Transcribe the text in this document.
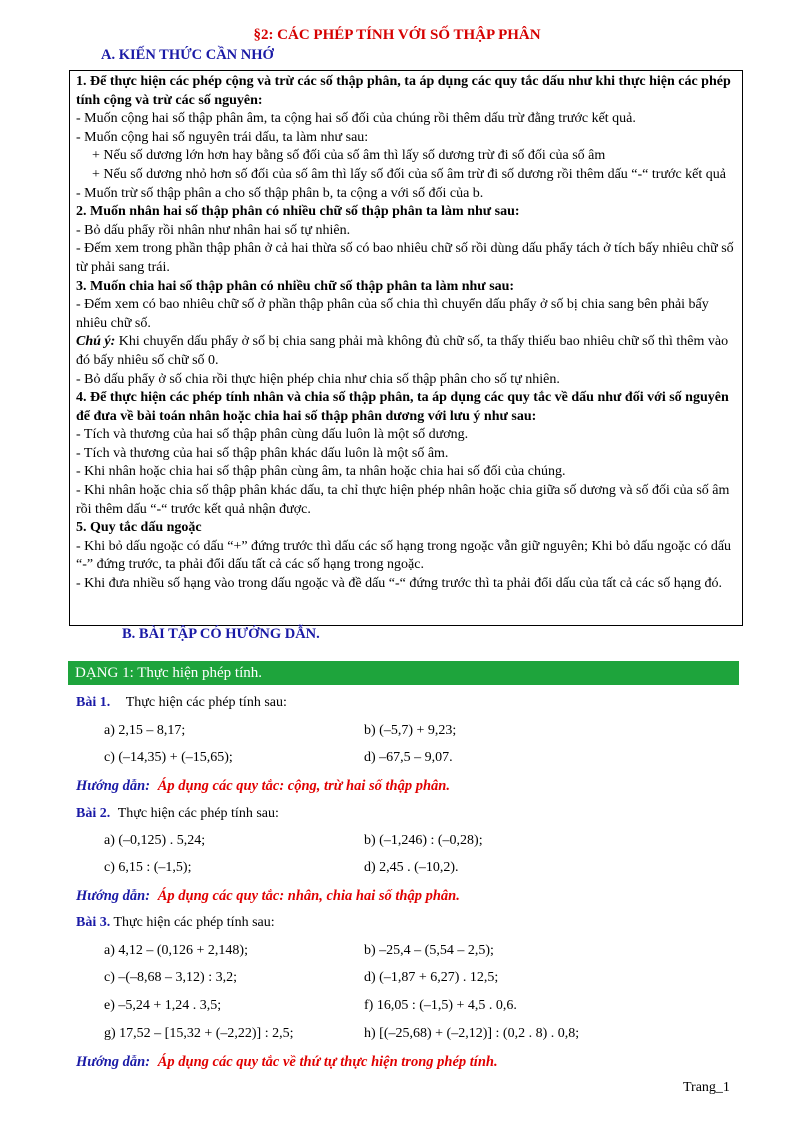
§2: CÁC PHÉP TÍNH VỚI SỐ THẬP PHÂN
A. KIẾN THỨC CẦN NHỚ

1. Để thực hiện các phép cộng và trừ các số thập phân, ta áp dụng các quy tắc dấu như khi thực hiện các phép tính cộng và trừ các số nguyên:

- Muốn cộng hai số thập phân âm, ta cộng hai số đối của chúng rồi thêm dấu trừ đằng trước kết quả.

- Muốn cộng hai số nguyên trái dấu, ta làm như sau:

+ Nếu số dương lớn hơn hay bằng số đối của số âm thì lấy số dương trừ đi số đối của số âm

+ Nếu số dương nhỏ hơn số đối của số âm thì lấy số đối của số âm trừ đi số dương rồi thêm dấu “-“ trước kết quả

- Muốn trừ số thập phân a cho số thập phân b, ta cộng a với số đối của b.

2. Muốn nhân hai số thập phân có nhiều chữ số thập phân ta làm như sau:

- Bỏ dấu phẩy rồi nhân như nhân hai số tự nhiên.

- Đếm xem trong phần thập phân ở cả hai thừa số có bao nhiêu chữ số rồi dùng dấu phẩy tách ở tích bấy nhiêu chữ số từ phải sang trái.

3. Muốn chia hai số thập phân có nhiều chữ số thập phân ta làm như sau:

- Đếm xem có bao nhiêu chữ số ở phần thập phân của số chia thì chuyển dấu phẩy ở số bị chia sang bên phải bấy nhiêu chữ số.

Chú ý: Khi chuyển dấu phẩy ở số bị chia sang phải mà không đủ chữ số, ta thấy thiếu bao nhiêu chữ số thì thêm vào đó bấy nhiêu số chữ số 0.

- Bỏ dấu phẩy ở số chia rồi thực hiện phép chia như chia số thập phân cho số tự nhiên.

4. Để thực hiện các phép tính nhân và chia số thập phân, ta áp dụng các quy tắc về dấu như đối với số nguyên để đưa về bài toán nhân hoặc chia hai số thập phân dương với lưu ý như sau:

- Tích và thương của hai số thập phân cùng dấu luôn là một số dương.

- Tích và thương của hai số thập phân khác dấu luôn là một số âm.

- Khi nhân hoặc chia hai số thập phân cùng âm, ta nhân hoặc chia hai số đối của chúng.

- Khi nhân hoặc chia số thập phân khác dấu, ta chỉ thực hiện phép nhân hoặc chia giữa số dương và số đối của số âm rồi thêm dấu “-“ trước kết quả nhận được.

5. Quy tắc dấu ngoặc

- Khi bỏ dấu ngoặc có dấu “+” đứng trước thì dấu các số hạng trong ngoặc vẫn giữ nguyên; Khi bỏ dấu ngoặc có dấu “-” đứng trước, ta phải đổi dấu tất cả các số hạng trong ngoặc.

- Khi đưa nhiều số hạng vào trong dấu ngoặc và đề dấu “-“ đứng trước thì ta phải đổi dấu của tất cả các số hạng đó.

B. BÀI TẬP CÓ HƯỚNG DẪN.
DẠNG 1: Thực hiện phép tính.
Bài 1. Thực hiện các phép tính sau:
a) 2,15 – 8,17;	b) (–5,7) + 9,23;
c) (–14,35) + (–15,65);	d) –67,5 – 9,07.
Hướng dẫn: Áp dụng các quy tắc: cộng, trừ hai số thập phân.
Bài 2. Thực hiện các phép tính sau:
a) (–0,125) . 5,24;	b) (–1,246) : (–0,28);
c) 6,15 : (–1,5);	d) 2,45 . (–10,2).
Hướng dẫn: Áp dụng các quy tắc: nhân, chia hai số thập phân.
Bài 3. Thực hiện các phép tính sau:
a) 4,12 – (0,126 + 2,148);	b) –25,4 – (5,54 – 2,5);
c) –(–8,68 – 3,12) : 3,2;	d) (–1,87 + 6,27) . 12,5;
e) –5,24 + 1,24 . 3,5;	f) 16,05 : (–1,5) + 4,5 . 0,6.
g) 17,52 – [15,32 + (–2,22)] : 2,5;	h) [(–25,68) + (–2,12)] : (0,2 . 8) . 0,8;
Hướng dẫn: Áp dụng các quy tắc về thứ tự thực hiện trong phép tính.
Trang_1
